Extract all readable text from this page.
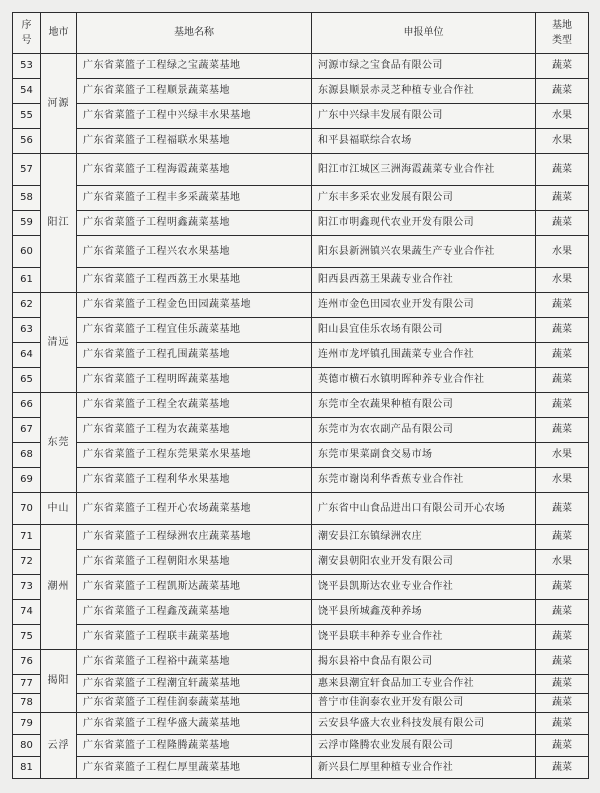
序
号	地市	基地名称	申报单位	基地
类型
53	河源	广东省菜篮子工程绿之宝蔬菜基地	河源市绿之宝食品有限公司	蔬菜
54		广东省菜篮子工程顺景蔬菜基地	东源县顺景赤灵芝种植专业合作社	蔬菜
55		广东省菜篮子工程中兴绿丰水果基地	广东中兴绿丰发展有限公司	水果
56		广东省菜篮子工程福联水果基地	和平县福联综合农场	水果
57	阳江	广东省菜篮子工程海霞蔬菜基地	阳江市江城区三洲海霞蔬菜专业合作社	蔬菜
58		广东省菜篮子工程丰多采蔬菜基地	广东丰多采农业发展有限公司	蔬菜
59		广东省菜篮子工程明鑫蔬菜基地	阳江市明鑫现代农业开发有限公司	蔬菜
60		广东省菜篮子工程兴农水果基地	阳东县新洲镇兴农果蔬生产专业合作社	水果
61		广东省菜篮子工程西荔王水果基地	阳西县西荔王果蔬专业合作社	水果
62	清远	广东省菜篮子工程金色田园蔬菜基地	连州市金色田园农业开发有限公司	蔬菜
63		广东省菜篮子工程宜佳乐蔬菜基地	阳山县宜佳乐农场有限公司	蔬菜
64		广东省菜篮子工程孔围蔬菜基地	连州市龙坪镇孔围蔬菜专业合作社	蔬菜
65		广东省菜篮子工程明晖蔬菜基地	英德市横石水镇明晖种养专业合作社	蔬菜
66	东莞	广东省菜篮子工程全农蔬菜基地	东莞市全农蔬果种植有限公司	蔬菜
67		广东省菜篮子工程为农蔬菜基地	东莞市为农农副产品有限公司	蔬菜
68		广东省菜篮子工程东莞果菜水果基地	东莞市果菜副食交易市场	水果
69		广东省菜篮子工程利华水果基地	东莞市谢岗利华香蕉专业合作社	水果
70	中山	广东省菜篮子工程开心农场蔬菜基地	广东省中山食品进出口有限公司开心农场	蔬菜
71	潮州	广东省菜篮子工程绿洲农庄蔬菜基地	潮安县江东镇绿洲农庄	蔬菜
72		广东省菜篮子工程朝阳水果基地	潮安县朝阳农业开发有限公司	水果
73		广东省菜篮子工程凯斯达蔬菜基地	饶平县凯斯达农业专业合作社	蔬菜
74		广东省菜篮子工程鑫茂蔬菜基地	饶平县所城鑫茂种养场	蔬菜
75		广东省菜篮子工程联丰蔬菜基地	饶平县联丰种养专业合作社	蔬菜
76	揭阳	广东省菜篮子工程裕中蔬菜基地	揭东县裕中食品有限公司	蔬菜
77		广东省菜篮子工程潮宜轩蔬菜基地	惠来县潮宜轩食品加工专业合作社	蔬菜
78		广东省菜篮子工程佳润泰蔬菜基地	普宁市佳润泰农业开发有限公司	蔬菜
79	云浮	广东省菜篮子工程华盛大蔬菜基地	云安县华盛大农业科技发展有限公司	蔬菜
80		广东省菜篮子工程隆腾蔬菜基地	云浮市隆腾农业发展有限公司	蔬菜
81		广东省菜篮子工程仁厚里蔬菜基地	新兴县仁厚里种植专业合作社	蔬菜
